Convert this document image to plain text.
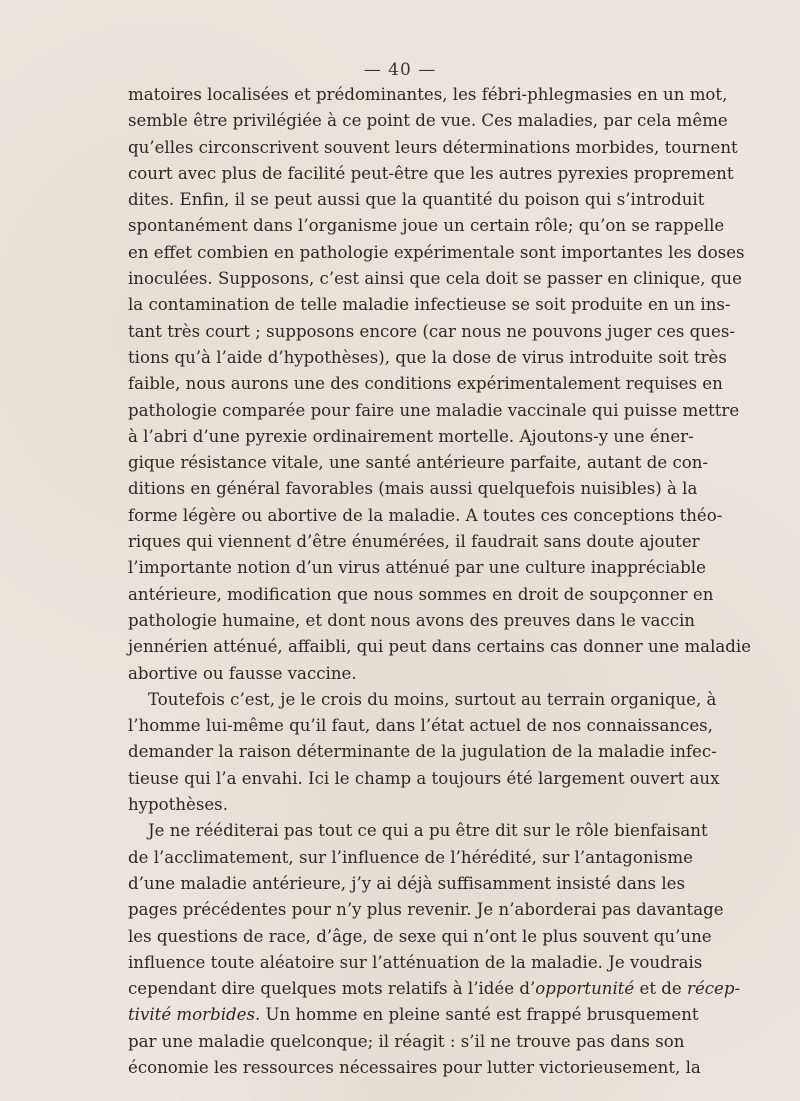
— 40 —
matoires localisées et prédominantes, les fébri-phlegmasies en un mot,
semble être privilégiée à ce point de vue. Ces maladies, par cela même
qu’elles circonscrivent souvent leurs déterminations morbides, tournent
court avec plus de facilité peut-être que les autres pyrexies proprement
dites. Enfin, il se peut aussi que la quantité du poison qui s’introduit
spontanément dans l’organisme joue un certain rôle; qu’on se rappelle
en effet combien en pathologie expérimentale sont importantes les doses
inoculées. Supposons, c’est ainsi que cela doit se passer en clinique, que
la contamination de telle maladie infectieuse se soit produite en un ins-
tant très court ; supposons encore (car nous ne pouvons juger ces ques-
tions qu’à l’aide d’hypothèses), que la dose de virus introduite soit très
faible, nous aurons une des conditions expérimentalement requises en
pathologie comparée pour faire une maladie vaccinale qui puisse mettre
à l’abri d’une pyrexie ordinairement mortelle. Ajoutons-y une éner-
gique résistance vitale, une santé antérieure parfaite, autant de con-
ditions en général favorables (mais aussi quelquefois nuisibles) à la
forme légère ou abortive de la maladie. A toutes ces conceptions théo-
riques qui viennent d’être énumérées, il faudrait sans doute ajouter
l’importante notion d’un virus atténué par une culture inappréciable
antérieure, modification que nous sommes en droit de soupçonner en
pathologie humaine, et dont nous avons des preuves dans le vaccin
jennérien atténué, affaibli, qui peut dans certains cas donner une maladie
abortive ou fausse vaccine.
Toutefois c’est, je le crois du moins, surtout au terrain organique, à
l’homme lui-même qu’il faut, dans l’état actuel de nos connaissances,
demander la raison déterminante de la jugulation de la maladie infec-
tieuse qui l’a envahi. Ici le champ a toujours été largement ouvert aux
hypothèses.
Je ne rééditerai pas tout ce qui a pu être dit sur le rôle bienfaisant
de l’acclimatement, sur l’influence de l’hérédité, sur l’antagonisme
d’une maladie antérieure, j’y ai déjà suffisamment insisté dans les
pages précédentes pour n’y plus revenir. Je n’aborderai pas davantage
les questions de race, d’âge, de sexe qui n’ont le plus souvent qu’une
influence toute aléatoire sur l’atténuation de la maladie. Je voudrais
cependant dire quelques mots relatifs à l’idée d’opportunité et de récep-
tivité morbides. Un homme en pleine santé est frappé brusquement
par une maladie quelconque; il réagit : s’il ne trouve pas dans son
économie les ressources nécessaires pour lutter victorieusement, la
